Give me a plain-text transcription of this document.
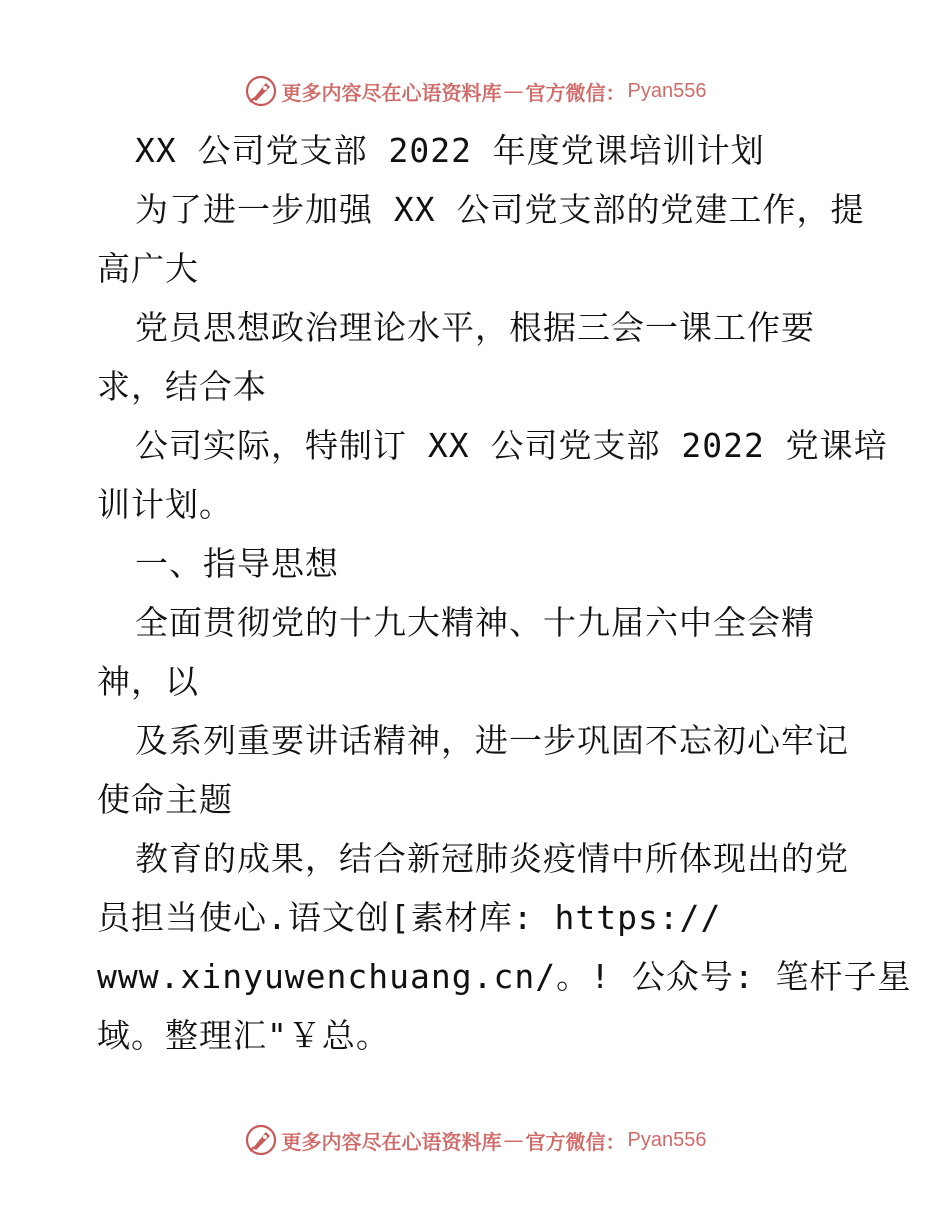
更多内容尽在心语资料库 — 官方微信： Pyan556
XX 公司党支部 2022 年度党课培训计划
为了进一步加强 XX 公司党支部的党建工作，提
高广大
党员思想政治理论水平，根据三会一课工作要
求，结合本
公司实际，特制订 XX 公司党支部 2022 党课培
训计划。
一、指导思想
全面贯彻党的十九大精神、十九届六中全会精
神，以
及系列重要讲话精神，进一步巩固不忘初心牢记
使命主题
教育的成果，结合新冠肺炎疫情中所体现出的党
员担当使心.语文创[素材库: https://
www.xinyuwenchuang.cn/。! 公众号: 笔杆子星
域。整理汇"￥总。
更多内容尽在心语资料库 — 官方微信： Pyan556
